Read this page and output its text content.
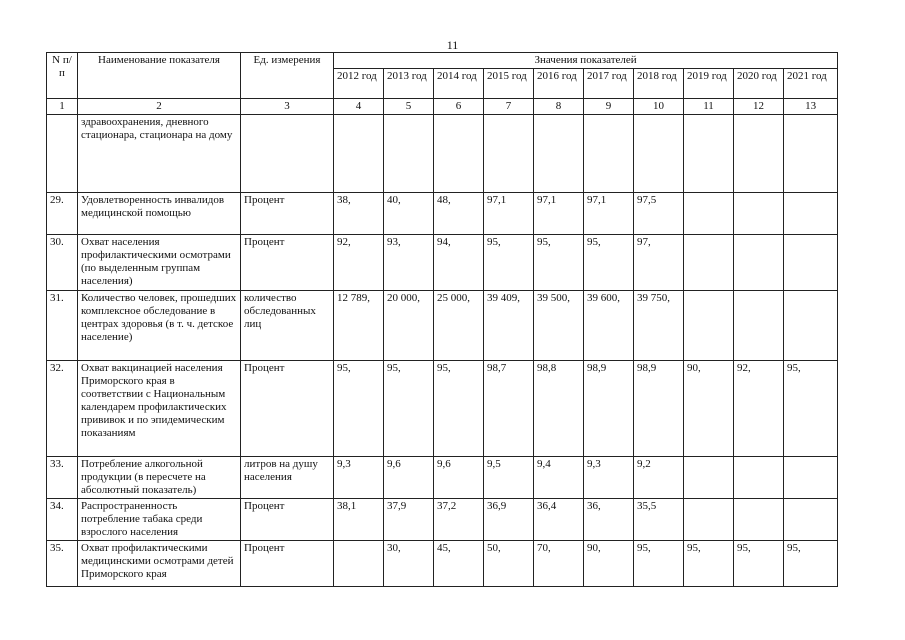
11
N п/п	Наименование показателя	Ед. измерения	Значения показателей									
			2012 год	2013 год	2014 год	2015 год	2016 год	2017 год	2018 год	2019 год	2020 год	2021 год
1	2	3	4	5	6	7	8	9	10	11	12	13
	здравоохранения, дневного стационара, стационара на дому											
29.	Удовлетворенность инвалидов медицинской помощью	Процент	38,	40,	48,	97,1	97,1	97,1	97,5			
30.	Охват населения профилактическими осмотрами (по выделенным группам населения)	Процент	92,	93,	94,	95,	95,	95,	97,			
31.	Количество человек, прошедших комплексное обследование в центрах здоровья (в т. ч. детское население)	количество обследованных лиц	12 789,	20 000,	25 000,	39 409,	39 500,	39 600,	39 750,			
32.	Охват вакцинацией населения Приморского края в соответствии с Национальным календарем профилактических прививок и по эпидемическим показаниям	Процент	95,	95,	95,	98,7	98,8	98,9	98,9	90,	92,	95,
33.	Потребление алкогольной продукции (в пересчете на абсолютный показатель)	литров на душу населения	9,3	9,6	9,6	9,5	9,4	9,3	9,2			
34.	Распространенность потребление табака среди взрослого населения	Процент	38,1	37,9	37,2	36,9	36,4	36,	35,5			
35.	Охват профилактическими медицинскими осмотрами детей Приморского края	Процент		30,	45,	50,	70,	90,	95,	95,	95,	95,
